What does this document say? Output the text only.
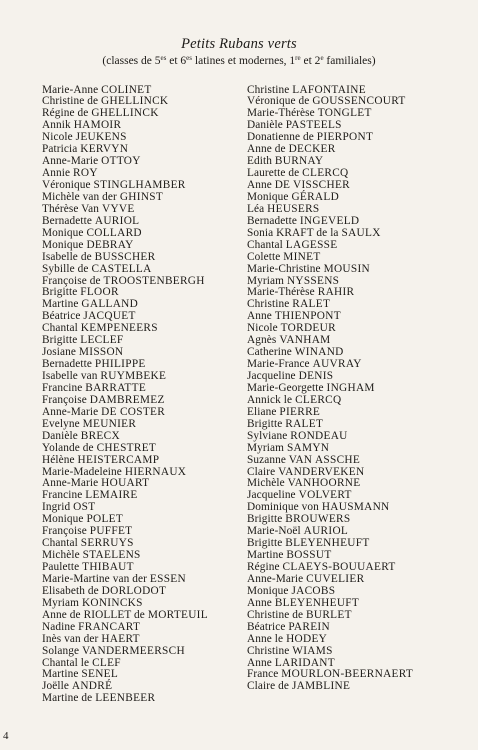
Petits Rubans verts
(classes de $5^{es}$ et $6^{es}$ latines et modernes, 1re et 2e familiales)
Marie-Anne COLINET
Christine de GHELLINCK
Régine de GHELLINCK
Annik HAMOIR
Nicole JEUKENS
Patricia KERVYN
Anne-Marie OTTOY
Annie ROY
Véronique STINGLHAMBER
Michèle van der GHINST
Thérèse Van VYVE
Bernadette AURIOL
Monique COLLARD
Monique DEBRAY
Isabelle de BUSSCHER
Sybille de CASTELLA
Françoise de TROOSTENBERGH
Brigitte FLOOR
Martine GALLAND
Béatrice JACQUET
Chantal KEMPENEERS
Brigitte LECLEF
Josiane MISSON
Bernadette PHILIPPE
Isabelle van RUYMBEKE
Francine BARRATTE
Françoise DAMBREMEZ
Anne-Marie DE COSTER
Evelyne MEUNIER
Danièle BRECX
Yolande de CHESTRET
Hélène HEISTERCAMP
Marie-Madeleine HIERNAUX
Anne-Marie HOUART
Francine LEMAIRE
Ingrid OST
Monique POLET
Françoise PUFFET
Chantal SERRUYS
Michèle STAELENS
Paulette THIBAUT
Marie-Martine van der ESSEN
Elisabeth de DORLODOT
Myriam KONINCKS
Anne de RIOLLET de MORTEUIL
Nadine FRANCART
Inès van der HAERT
Solange VANDERMEERSCH
Chantal le CLEF
Martine SENEL
Joëlle ANDRÉ
Martine de LEENBEER
Christine LAFONTAINE
Véronique de GOUSSENCOURT
Marie-Thérèse TONGLET
Danièle PASTEELS
Donatienne de PIERPONT
Anne de DECKER
Edith BURNAY
Laurette de CLERCQ
Anne DE VISSCHER
Monique GÉRALD
Léa HEUSERS
Bernadette INGEVELD
Sonia KRAFT de la SAULX
Chantal LAGESSE
Colette MINET
Marie-Christine MOUSIN
Myriam NYSSENS
Marie-Thérèse RAHIR
Christine RALET
Anne THIENPONT
Nicole TORDEUR
Agnès VANHAM
Catherine WINAND
Marie-France AUVRAY
Jacqueline DENIS
Marie-Georgette INGHAM
Annick le CLERCQ
Eliane PIERRE
Brigitte RALET
Sylviane RONDEAU
Myriam SAMYN
Suzanne VAN ASSCHE
Claire VANDERVEKEN
Michèle VANHOORNE
Jacqueline VOLVERT
Dominique von HAUSMANN
Brigitte BROUWERS
Marie-Noël AURIOL
Brigitte BLEYENHEUFT
Martine BOSSUT
Régine CLAEYS-BOUUAERT
Anne-Marie CUVELIER
Monique JACOBS
Anne BLEYENHEUFT
Christine de BURLET
Béatrice PAREIN
Anne le HODEY
Christine WIAMS
Anne LARIDANT
France MOURLON-BEERNAERT
Claire de JAMBLINE
4
